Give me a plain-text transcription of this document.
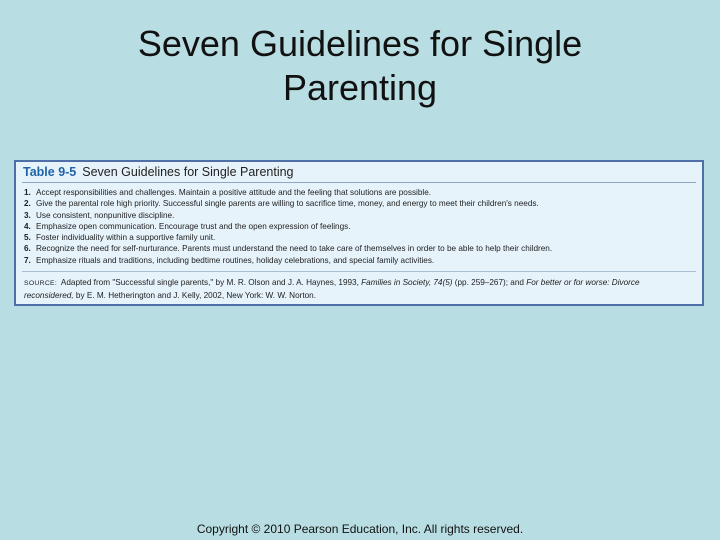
Seven Guidelines for Single
Parenting
Table 9-5 Seven Guidelines for Single Parenting
1. Accept responsibilities and challenges. Maintain a positive attitude and the feeling that solutions are possible.
2. Give the parental role high priority. Successful single parents are willing to sacrifice time, money, and energy to meet their children's needs.
3. Use consistent, nonpunitive discipline.
4. Emphasize open communication. Encourage trust and the open expression of feelings.
5. Foster individuality within a supportive family unit.
6. Recognize the need for self-nurturance. Parents must understand the need to take care of themselves in order to be able to help their children.
7. Emphasize rituals and traditions, including bedtime routines, holiday celebrations, and special family activities.
SOURCE: Adapted from "Successful single parents," by M. R. Olson and J. A. Haynes, 1993, Families in Society, 74(5) (pp. 259–267); and For better or for worse: Divorce
reconsidered, by E. M. Hetherington and J. Kelly, 2002, New York: W. W. Norton.
Copyright © 2010 Pearson Education, Inc. All rights reserved.
